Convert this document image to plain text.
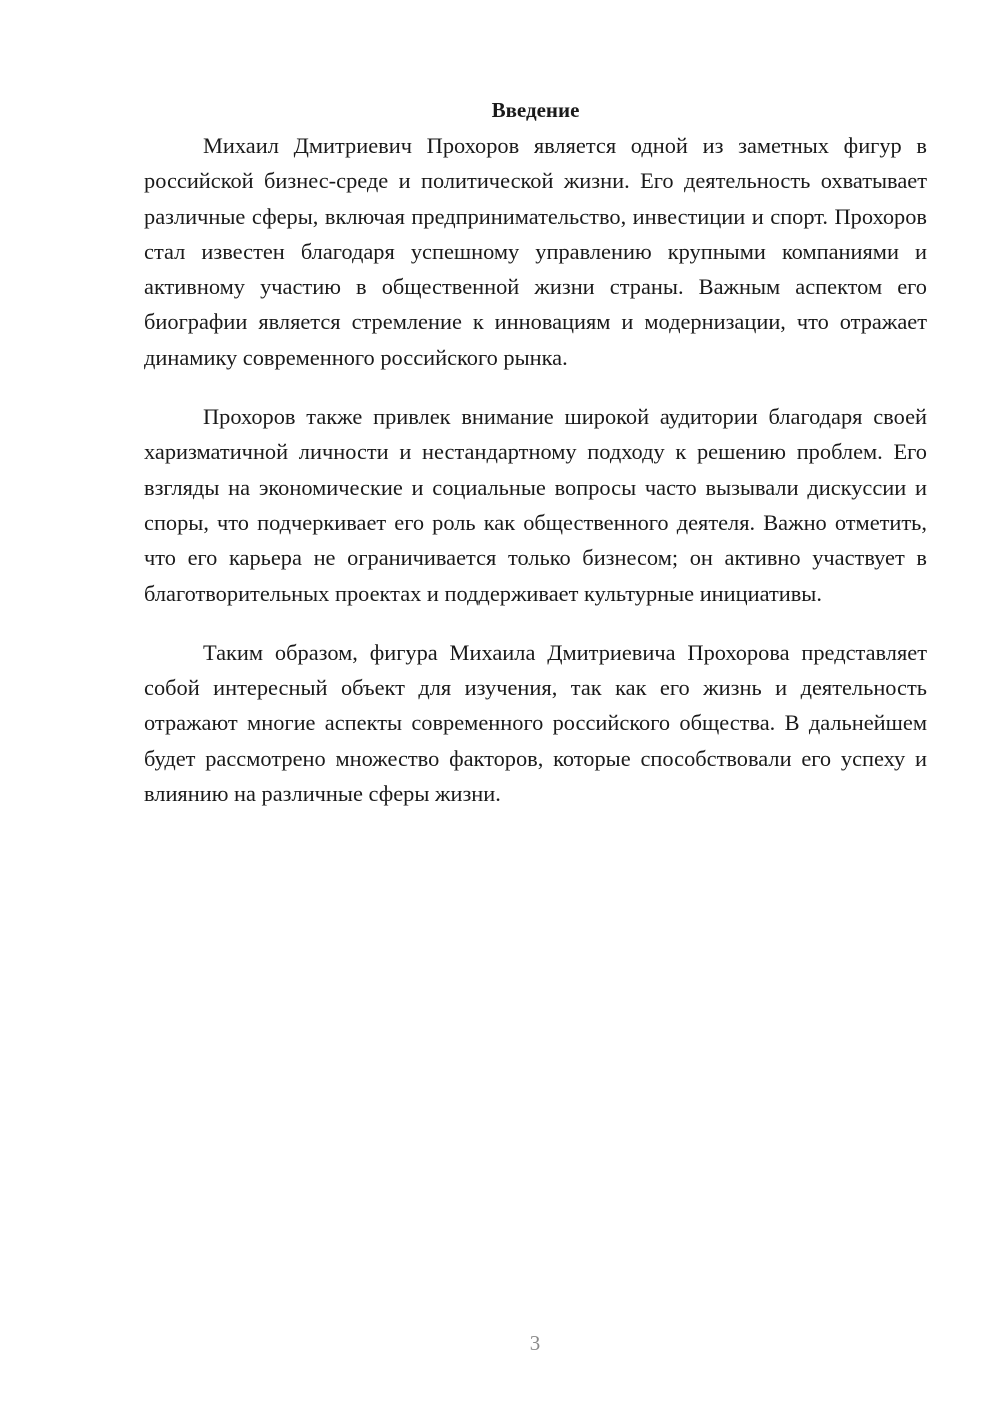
Введение

Михаил Дмитриевич Прохоров является одной из заметных фигур в российской бизнес-среде и политической жизни. Его деятельность охватывает различные сферы, включая предпринимательство, инвестиции и спорт. Прохоров стал известен благодаря успешному управлению крупными компаниями и активному участию в общественной жизни страны. Важным аспектом его биографии является стремление к инновациям и модернизации, что отражает динамику современного российского рынка.

Прохоров также привлек внимание широкой аудитории благодаря своей харизматичной личности и нестандартному подходу к решению проблем. Его взгляды на экономические и социальные вопросы часто вызывали дискуссии и споры, что подчеркивает его роль как общественного деятеля. Важно отметить, что его карьера не ограничивается только бизнесом; он активно участвует в благотворительных проектах и поддерживает культурные инициативы.

Таким образом, фигура Михаила Дмитриевича Прохорова представляет собой интересный объект для изучения, так как его жизнь и деятельность отражают многие аспекты современного российского общества. В дальнейшем будет рассмотрено множество факторов, которые способствовали его успеху и влиянию на различные сферы жизни.

3
